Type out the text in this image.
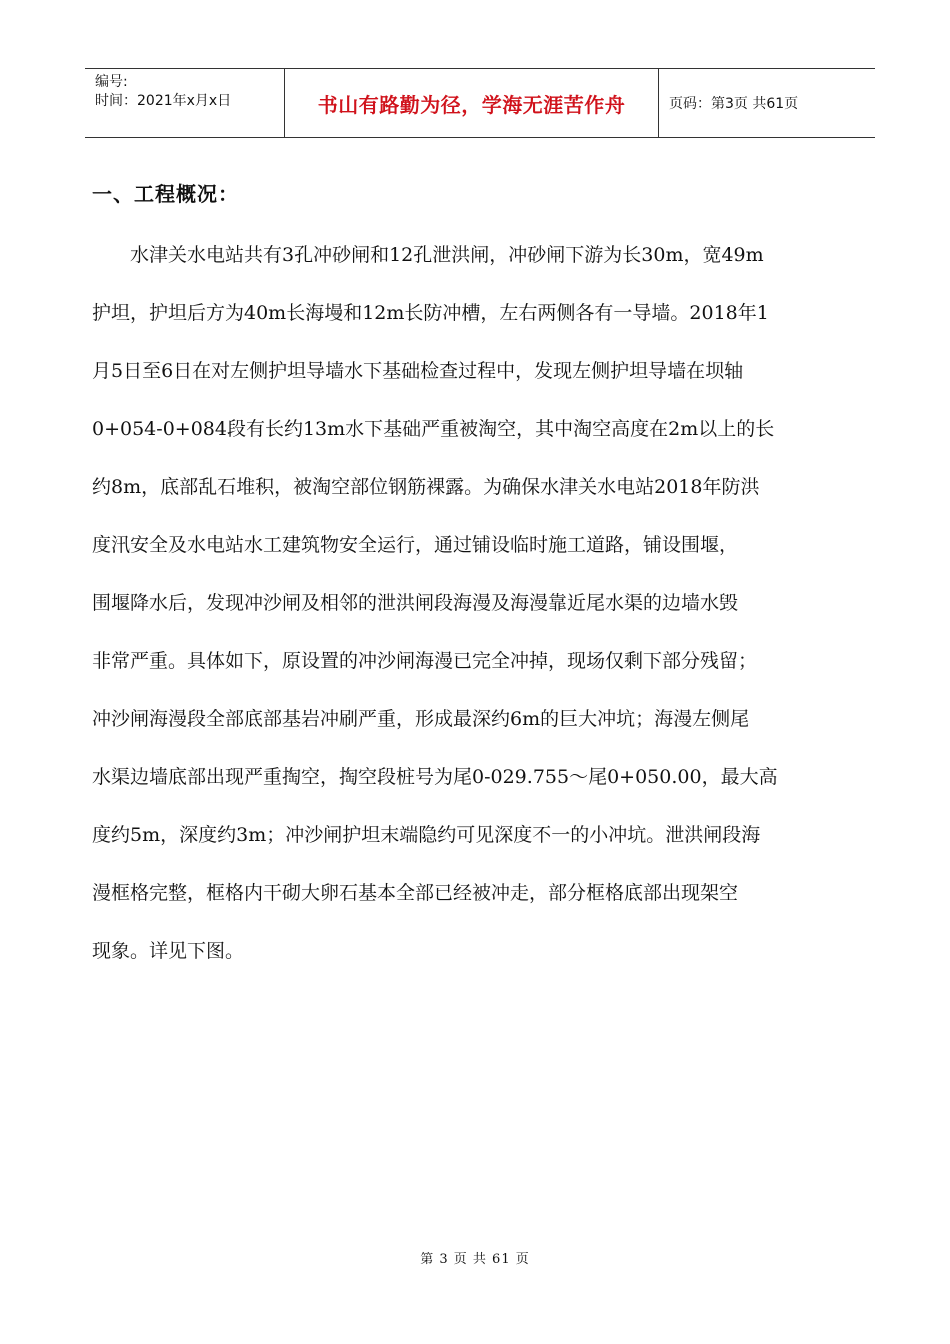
编号:
时间：2021年x月x日	书山有路勤为径，学海无涯苦作舟	页码：第3页 共61页
一、工程概况：
　　水津关水电站共有3孔冲砂闸和12孔泄洪闸，冲砂闸下游为长30m，宽49m
护坦，护坦后方为40m长海墁和12m长防冲槽，左右两侧各有一导墙。2018年1
月5日至6日在对左侧护坦导墙水下基础检查过程中，发现左侧护坦导墙在坝轴
0+054-0+084段有长约13m水下基础严重被淘空，其中淘空高度在2m以上的长
约8m，底部乱石堆积，被淘空部位钢筋裸露。为确保水津关水电站2018年防洪
度汛安全及水电站水工建筑物安全运行，通过铺设临时施工道路，铺设围堰，
围堰降水后，发现冲沙闸及相邻的泄洪闸段海漫及海漫靠近尾水渠的边墙水毁
非常严重。具体如下，原设置的冲沙闸海漫已完全冲掉，现场仅剩下部分残留；
冲沙闸海漫段全部底部基岩冲刷严重，形成最深约6m的巨大冲坑；海漫左侧尾
水渠边墙底部出现严重掏空，掏空段桩号为尾0-029.755～尾0+050.00，最大高
度约5m，深度约3m；冲沙闸护坦末端隐约可见深度不一的小冲坑。泄洪闸段海
漫框格完整，框格内干砌大卵石基本全部已经被冲走，部分框格底部出现架空
现象。详见下图。
第 3 页 共 61 页
